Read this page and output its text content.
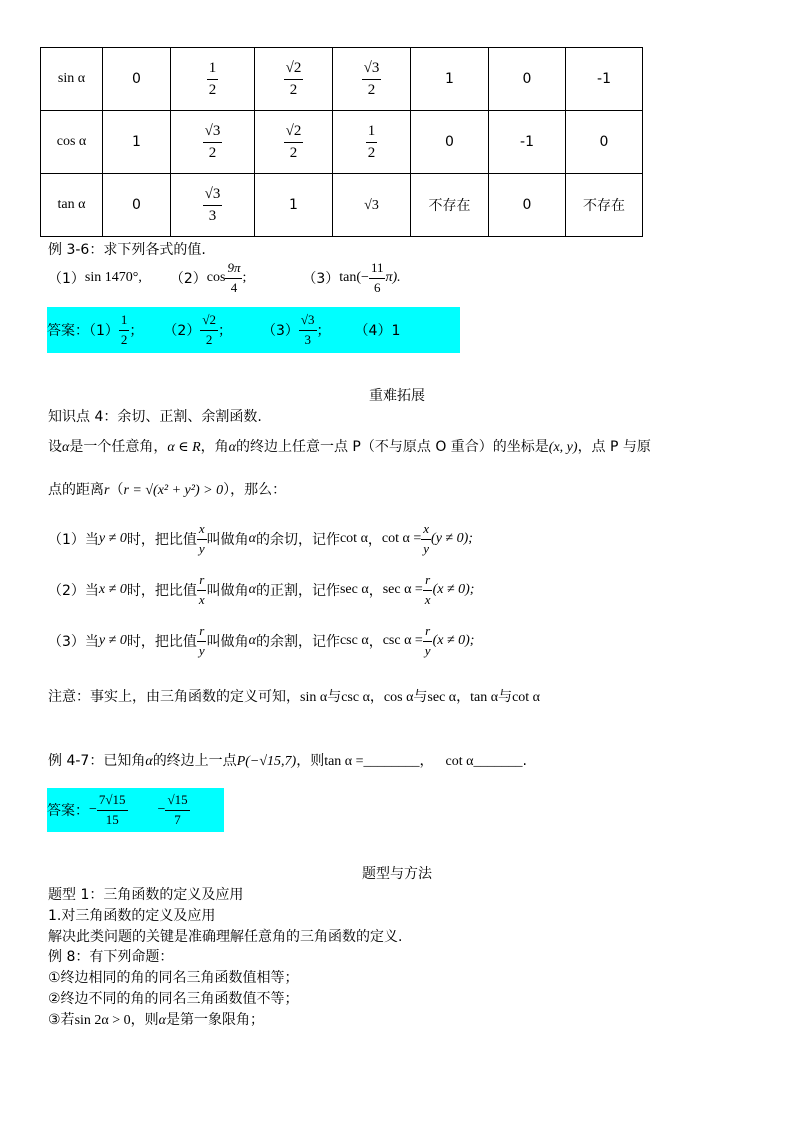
sin α	0	$\frac{1}{2}$	$\frac{√2}{2}$	$\frac{√3}{2}$	1	0	-1
cos α	1	$\frac{√3}{2}$	$\frac{√2}{2}$	$\frac{1}{2}$	0	-1	0
tan α	0	$\frac{√3}{3}$	1	√3	不存在	0	不存在
例 3-6：求下列各式的值.
（1） sin 1470°, （2） $\cos \frac{9\pi}{4}$ ;	（3） $\tan(- \frac{11}{6} \pi)$.
答案：$(1) \frac{1}{2}$ ； $(2) \frac{√2}{2}$ ； $(3) \frac{√3}{3}$ ； （4）1
重难拓展
知识点 4：余切、正割、余割函数.
设α是一个任意角，α ∈ R，角α的终边上任意一点 P（不与原点 O 重合）的坐标是(x, y)，点 P 与原
点的距离r（r = √(x² + y²) > 0），那么：
（1）当 y ≠ 0 时，把比值 $\frac{x}{y}$ 叫做角 α 的余切，记作 cot α ， $\cot \alpha = \frac{x}{y} (y \ne 0)$;
（2）当 x ≠ 0 时，把比值 $\frac{r}{x}$ 叫做角 α 的正割，记作 sec α ， $\sec \alpha = \frac{r}{x} (x \ne 0)$;
（3）当 y ≠ 0 时，把比值 $\frac{r}{y}$ 叫做角 α 的余割，记作 csc α ， $\csc \alpha = \frac{r}{y} (x \ne 0)$;
注意：事实上，由三角函数的定义可知，sin α与csc α，cos α与sec α，tan α与cot α
例 4-7：已知角α的终边上一点P(−√15,7)，则tan α =________， cot α_______.
答案： − $\frac{7√15}{15} - \frac{√15}{7}$
题型与方法
题型 1：三角函数的定义及应用
1.对三角函数的定义及应用
解决此类问题的关键是准确理解任意角的三角函数的定义.
例 8：有下列命题：
①终边相同的角的同名三角函数值相等；
②终边不同的角的同名三角函数值不等；
③若sin 2α > 0，则α是第一象限角；
